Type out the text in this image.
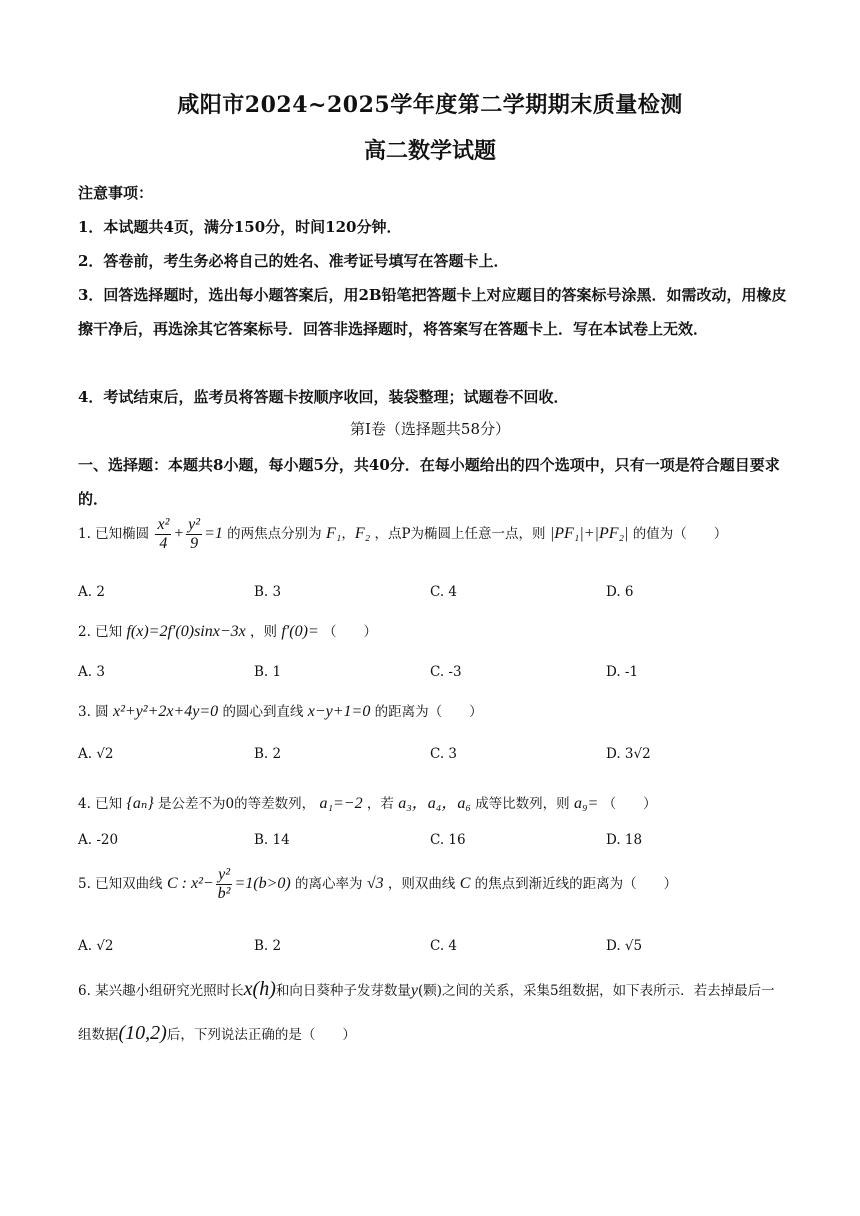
咸阳市2024~2025学年度第二学期期末质量检测
高二数学试题
注意事项：
1．本试题共4页，满分150分，时间120分钟．
2．答卷前，考生务必将自己的姓名、准考证号填写在答题卡上．
3．回答选择题时，选出每小题答案后，用2B铅笔把答题卡上对应题目的答案标号涂黑．如需改动，用橡皮擦干净后，再选涂其它答案标号．回答非选择题时，将答案写在答题卡上．写在本试卷上无效．
4．考试结束后，监考员将答题卡按顺序收回，装袋整理；试题卷不回收．
第Ⅰ卷（选择题共58分）
一、选择题：本题共8小题，每小题5分，共40分．在每小题给出的四个选项中，只有一项是符合题目要求的．
1. 已知椭圆 $\frac{\text{x²}}{4} + \frac{\text{y²}}{9} =1$ 的两焦点分别为 F₁，F₂ ，点P为椭圆上任意一点，则 |PF₁|+|PF₂| 的值为（　　）
A. 2	B. 3	C. 4	D. 6
2. 已知 f(x)=2f′(0)sinx−3x ，则 f′(0)= （　　）
A. 3	B. 1	C. -3	D. -1
3. 圆 x²+y²+2x+4y=0 的圆心到直线 x−y+1=0 的距离为（　　）
A. √2	B. 2	C. 3	D. 3√2
4. 已知 {aₙ} 是公差不为0的等差数列， a₁=−2 ，若 a₃，a₄，a₆ 成等比数列，则 a₉= （　　）
A. -20	B. 14	C. 16	D. 18
5. 已知双曲线 C : $x^2- \frac{\text{y²}}{\text{b²}} =1(b>0)$ 的离心率为 √3 ，则双曲线 C 的焦点到渐近线的距离为（　　）
A. √2	B. 2	C. 4	D. √5
6. 某兴趣小组研究光照时长x(h)和向日葵种子发芽数量y(颗)之间的关系，采集5组数据，如下表所示．若去掉最后一组数据(10,2)后，下列说法正确的是（　　）
